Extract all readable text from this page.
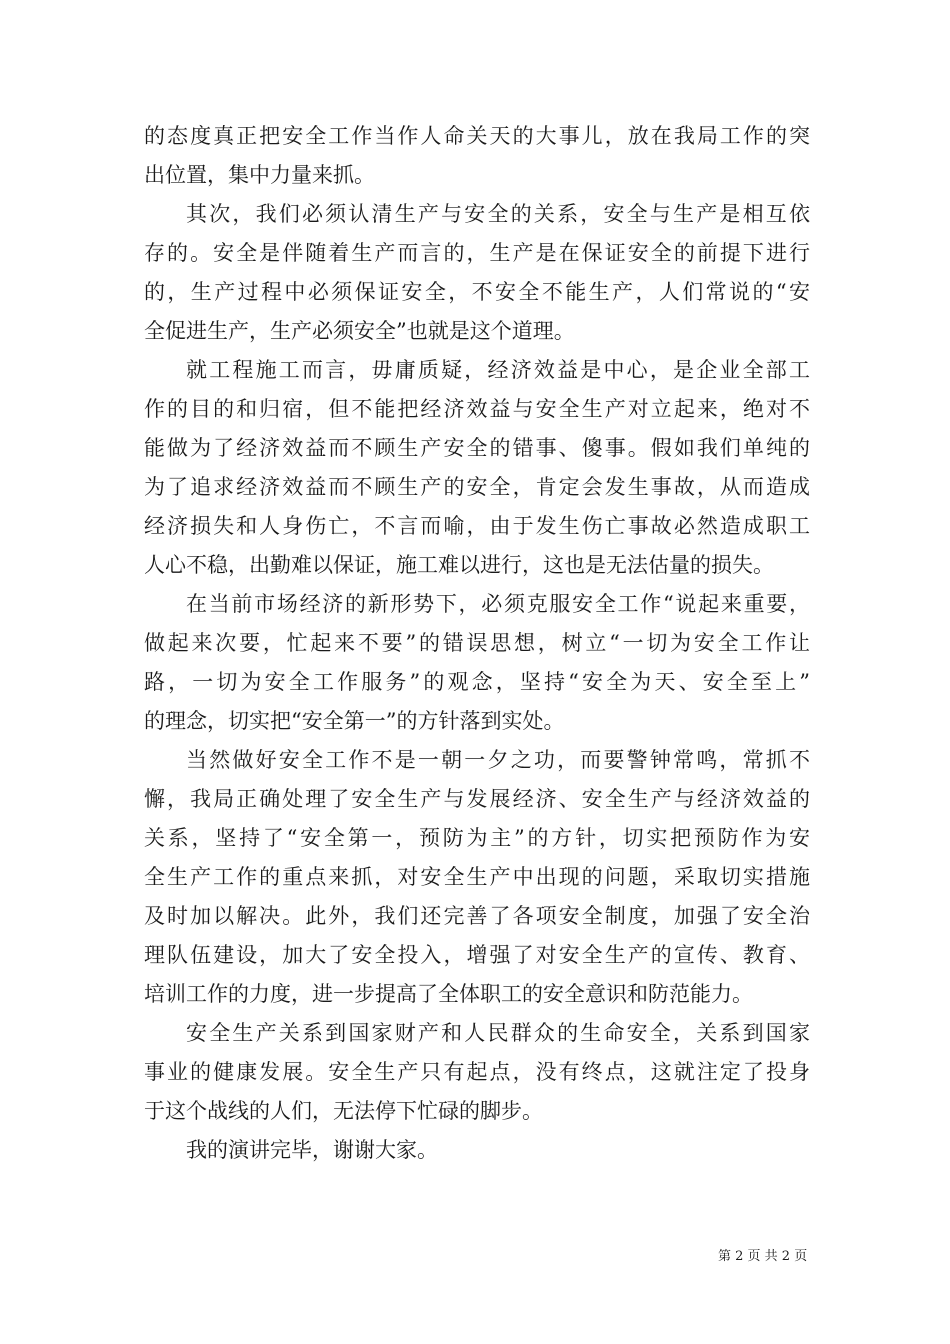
的态度真正把安全工作当作人命关天的大事儿，放在我局工作的突
出位置，集中力量来抓。
其次，我们必须认清生产与安全的关系，安全与生产是相互依
存的。安全是伴随着生产而言的，生产是在保证安全的前提下进行
的，生产过程中必须保证安全，不安全不能生产，人们常说的“安
全促进生产，生产必须安全”也就是这个道理。
就工程施工而言，毋庸质疑，经济效益是中心，是企业全部工
作的目的和归宿，但不能把经济效益与安全生产对立起来，绝对不
能做为了经济效益而不顾生产安全的错事、傻事。假如我们单纯的
为了追求经济效益而不顾生产的安全，肯定会发生事故，从而造成
经济损失和人身伤亡，不言而喻，由于发生伤亡事故必然造成职工
人心不稳，出勤难以保证，施工难以进行，这也是无法估量的损失。
在当前市场经济的新形势下，必须克服安全工作“说起来重要，
做起来次要，忙起来不要”的错误思想，树立“一切为安全工作让
路，一切为安全工作服务”的观念，坚持“安全为天、安全至上”
的理念，切实把“安全第一”的方针落到实处。
当然做好安全工作不是一朝一夕之功，而要警钟常鸣，常抓不
懈，我局正确处理了安全生产与发展经济、安全生产与经济效益的
关系，坚持了“安全第一，预防为主”的方针，切实把预防作为安
全生产工作的重点来抓，对安全生产中出现的问题，采取切实措施
及时加以解决。此外，我们还完善了各项安全制度，加强了安全治
理队伍建设，加大了安全投入，增强了对安全生产的宣传、教育、
培训工作的力度，进一步提高了全体职工的安全意识和防范能力。
安全生产关系到国家财产和人民群众的生命安全，关系到国家
事业的健康发展。安全生产只有起点，没有终点，这就注定了投身
于这个战线的人们，无法停下忙碌的脚步。
我的演讲完毕，谢谢大家。
第 2 页 共 2 页
